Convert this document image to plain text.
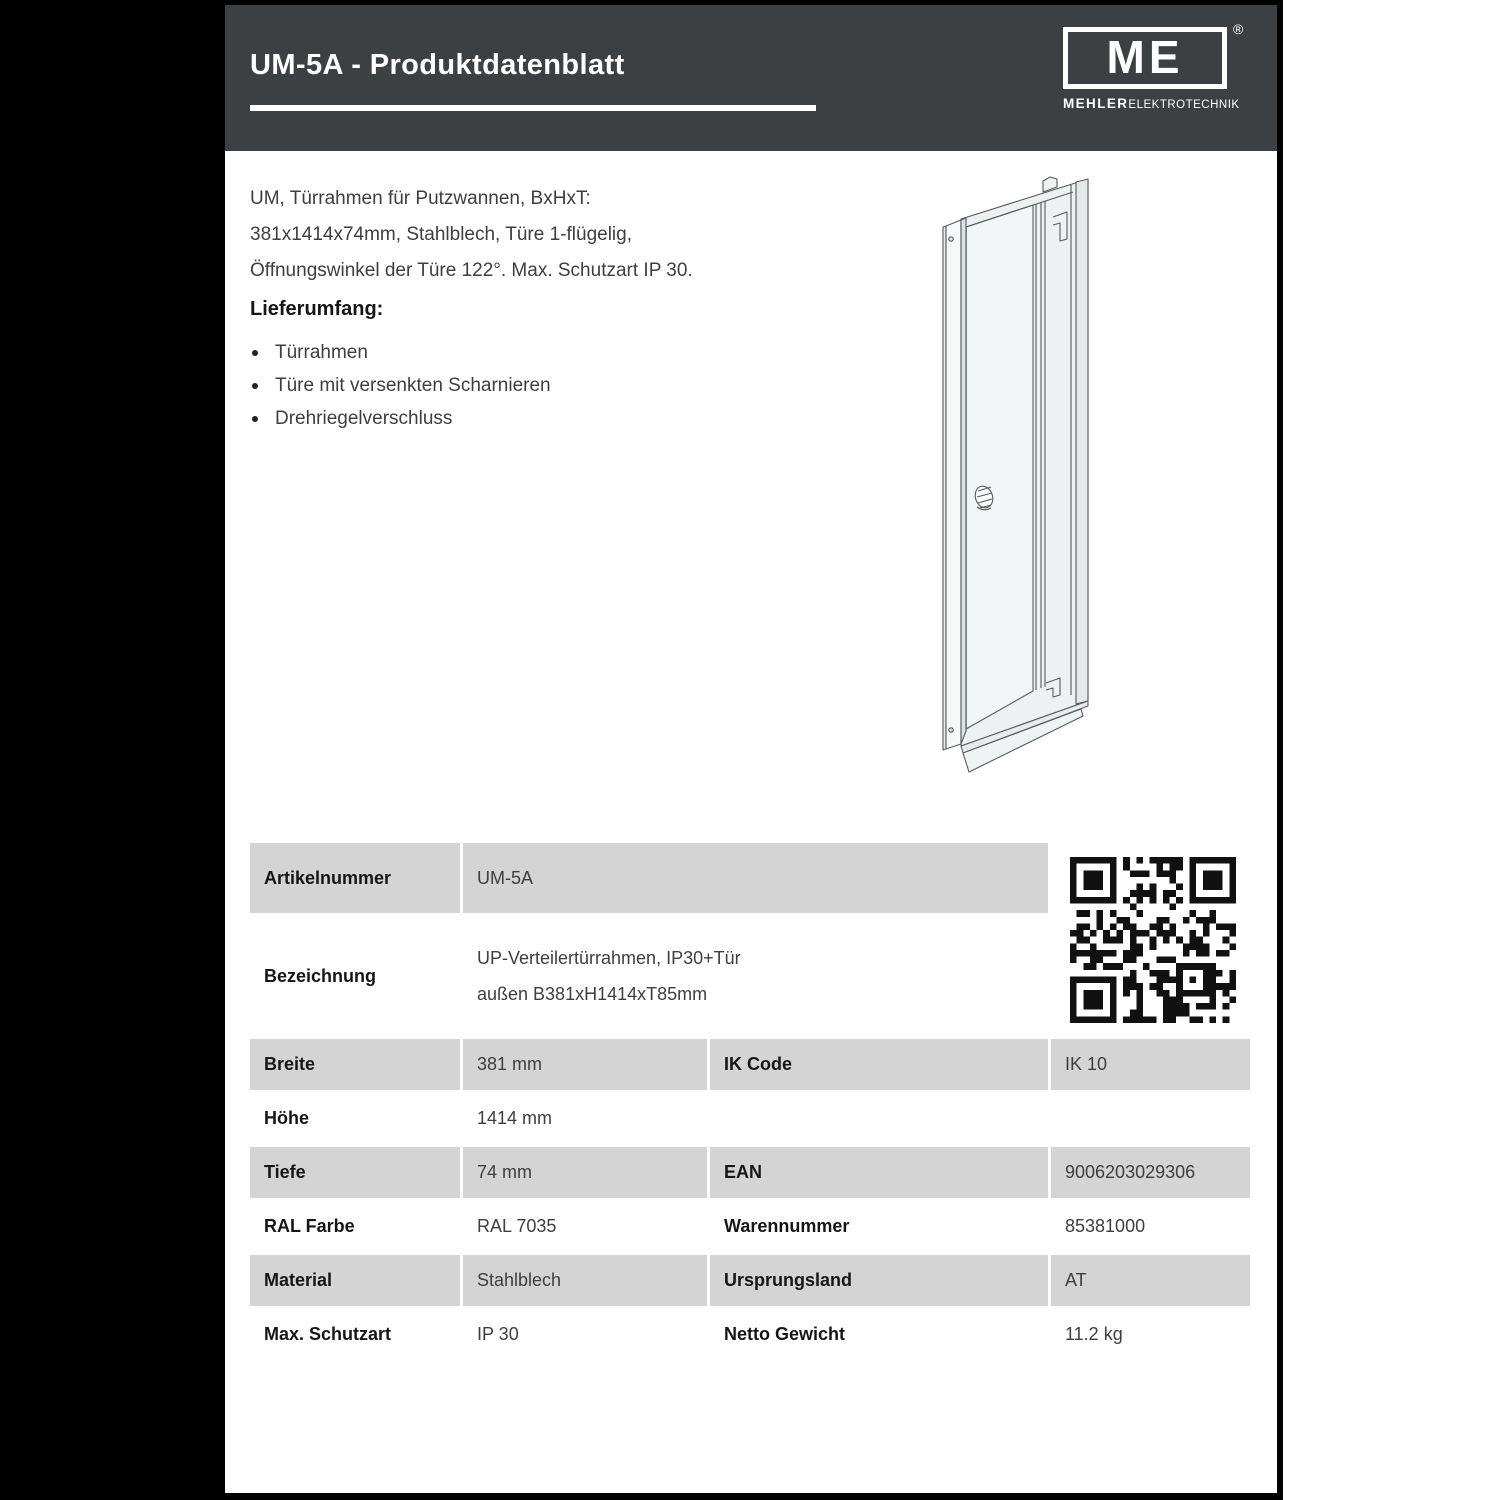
UM-5A - Produktdatenblatt	ME
®
MEHLER ELEKTROTECHNIK
UM, Türrahmen für Putzwannen, BxHxT:
381x1414x74mm, Stahlblech, Türe 1-flügelig,
Öffnungswinkel der Türe 122°. Max. Schutzart IP 30.
Lieferumfang:
Türrahmen
Türe mit versenkten Scharnieren
Drehriegelverschluss
Artikelnummer	UM-5A
Bezeichnung
UP-Verteilertürrahmen, IP30+Tür
außen B381xH1414xT85mm
Breite	381 mm	IK Code	IK 10
Höhe	1414 mm
Tiefe	74 mm	EAN	9006203029306
RAL Farbe	RAL 7035	Warennummer	85381000
Material	Stahlblech	Ursprungsland	AT
Max. Schutzart	IP 30	Netto Gewicht	11.2 kg
